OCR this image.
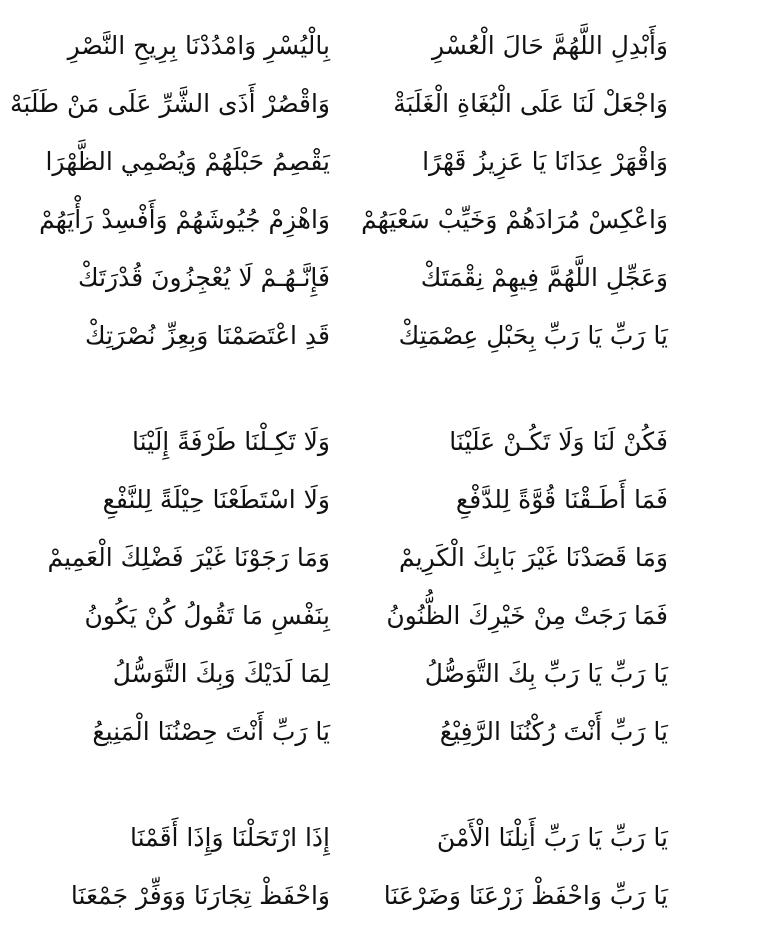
وَأَبْدِلِ اللَّهُمَّ حَالَ الْعُسْرِ
بِالْيُسْرِ وَامْدُدْنَا بِرِيحِ النَّصْرِ
وَاجْعَلْ لَنَا عَلَى الْبُغَاةِ الْغَلَبَةْ
وَاقْصُرْ أَذَى الشَّرِّ عَلَى مَنْ طَلَبَهْ
وَاقْهَرْ عِدَانَا يَا عَزِيزُ قَهْرًا
يَقْصِمُ حَبْلَهُمْ وَيُصْمِي الظَّهْرَا
وَاعْكِسْ مُرَادَهُمْ وَخَيِّبْ سَعْيَهُمْ
وَاهْزِمْ جُيُوشَهُمْ وَأَفْسِدْ رَأْيَهُمْ
وَعَجِّلِ اللَّهُمَّ فِيهِمْ نِقْمَتَكْ
فَإِنَّـهُـمْ لَا يُعْجِزُونَ قُدْرَتَكْ
يَا رَبِّ يَا رَبِّ بِحَبْلِ عِصْمَتِكْ
قَدِ اعْتَصَمْنَا وَبِعِزِّ نُصْرَتِكْ
فَكُنْ لَنَا وَلَا تَكُـنْ عَلَيْنَا
وَلَا تَكِـلْنَا طَرْفَةً إِلَيْنَا
فَمَا أَطَـقْنَا قُوَّةً لِلدَّفْعِ
وَلَا اسْتَطَعْنَا حِيْلَةً لِلنَّفْعِ
وَمَا قَصَدْنَا غَيْرَ بَابِكَ الْكَرِيمْ
وَمَا رَجَوْنَا غَيْرَ فَضْلِكَ الْعَمِيمْ
فَمَا رَجَتْ مِنْ خَيْرِكَ الظُّنُونُ
بِنَفْسِ مَا تَقُولُ كُنْ يَكُونُ
يَا رَبِّ يَا رَبِّ بِكَ التَّوَصُّلُ
لِمَا لَدَيْكَ وَبِكَ التَّوَسُّلُ
يَا رَبِّ أَنْتَ رُكْنُنَا الرَّفِيْعُ
يَا رَبِّ أَنْتَ حِصْنُنَا الْمَنِيعُ
يَا رَبِّ يَا رَبِّ أَنِلْنَا الْأَمْنَ
إِذَا ارْتَحَلْنَا وَإِذَا أَقَمْنَا
يَا رَبِّ وَاحْفَظْ زَرْعَنَا وَضَرْعَنَا
وَاحْفَظْ تِجَارَنَا وَوَفِّرْ جَمْعَنَا
